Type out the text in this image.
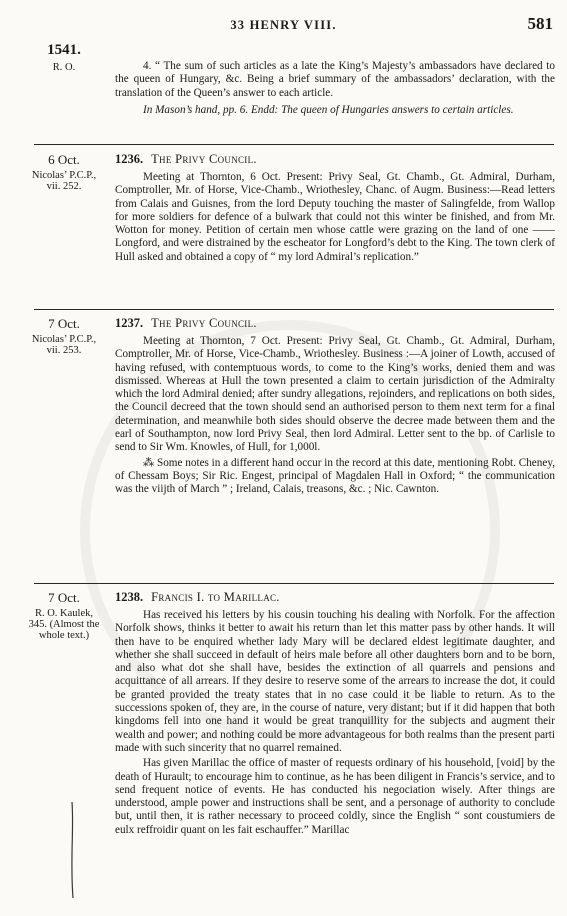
33 HENRY VIII.	581
1541.
R. O.	4. “ The sum of such articles as a late the King’s Majesty’s ambassadors have declared to the queen of Hungary, &c. Being a brief summary of the ambassadors’ declaration, with the translation of the Queen’s answer to each article.

In Mason’s hand, pp. 6. Endd: The queen of Hungaries answers to certain articles.

6 Oct.
Nicolas’ P.C.P., vii. 252.
1236. The Privy Council.

Meeting at Thornton, 6 Oct. Present: Privy Seal, Gt. Chamb., Gt. Admiral, Durham, Comptroller, Mr. of Horse, Vice-Chamb., Wriothesley, Chanc. of Augm. Business:—Read letters from Calais and Guisnes, from the lord Deputy touching the master of Salingfelde, from Wallop for more soldiers for defence of a bulwark that could not this winter be finished, and from Mr. Wotton for money. Petition of certain men whose cattle were grazing on the land of one —— Longford, and were distrained by the escheator for Longford’s debt to the King. The town clerk of Hull asked and obtained a copy of “ my lord Admiral’s replication.”

7 Oct.
Nicolas’ P.C.P., vii. 253.
1237. The Privy Council.

Meeting at Thornton, 7 Oct. Present: Privy Seal, Gt. Chamb., Gt. Admiral, Durham, Comptroller, Mr. of Horse, Vice-Chamb., Wriothesley. Business :—A joiner of Lowth, accused of having refused, with contemptuous words, to come to the King’s works, denied them and was dismissed. Whereas at Hull the town presented a claim to certain jurisdiction of the Admiralty which the lord Admiral denied; after sundry allegations, rejoinders, and replications on both sides, the Council decreed that the town should send an authorised person to them next term for a final determination, and meanwhile both sides should observe the decree made between them and the earl of Southampton, now lord Privy Seal, then lord Admiral. Letter sent to the bp. of Carlisle to send to Sir Wm. Knowles, of Hull, for 1,000l.

⁂ Some notes in a different hand occur in the record at this date, mentioning Robt. Cheney, of Chessam Boys; Sir Ric. Engest, principal of Magdalen Hall in Oxford; “ the communication was the viijth of March ” ; Ireland, Calais, treasons, &c. ; Nic. Cawnton.

7 Oct.
R. O. Kaulek, 345. (Almost the whole text.)
1238. Francis I. to Marillac.

Has received his letters by his cousin touching his dealing with Norfolk. For the affection Norfolk shows, thinks it better to await his return than let this matter pass by other hands. It will then have to be enquired whether lady Mary will be declared eldest legitimate daughter, and whether she shall succeed in default of heirs male before all other daughters born and to be born, and also what dot she shall have, besides the extinction of all quarrels and pensions and acquittance of all arrears. If they desire to reserve some of the arrears to increase the dot, it could be granted provided the treaty states that in no case could it be liable to return. As to the successions spoken of, they are, in the course of nature, very distant; but if it did happen that both kingdoms fell into one hand it would be great tranquillity for the subjects and augment their wealth and power; and nothing could be more advantageous for both realms than the present parti made with such sincerity that no quarrel remained.

Has given Marillac the office of master of requests ordinary of his household, [void] by the death of Hurault; to encourage him to continue, as he has been diligent in Francis’s service, and to send frequent notice of events. He has conducted his negociation wisely. After things are understood, ample power and instructions shall be sent, and a personage of authority to conclude but, until then, it is rather necessary to proceed coldly, since the English “ sont coustumiers de eulx reffroidir quant on les fait eschauffer.” Marillac
